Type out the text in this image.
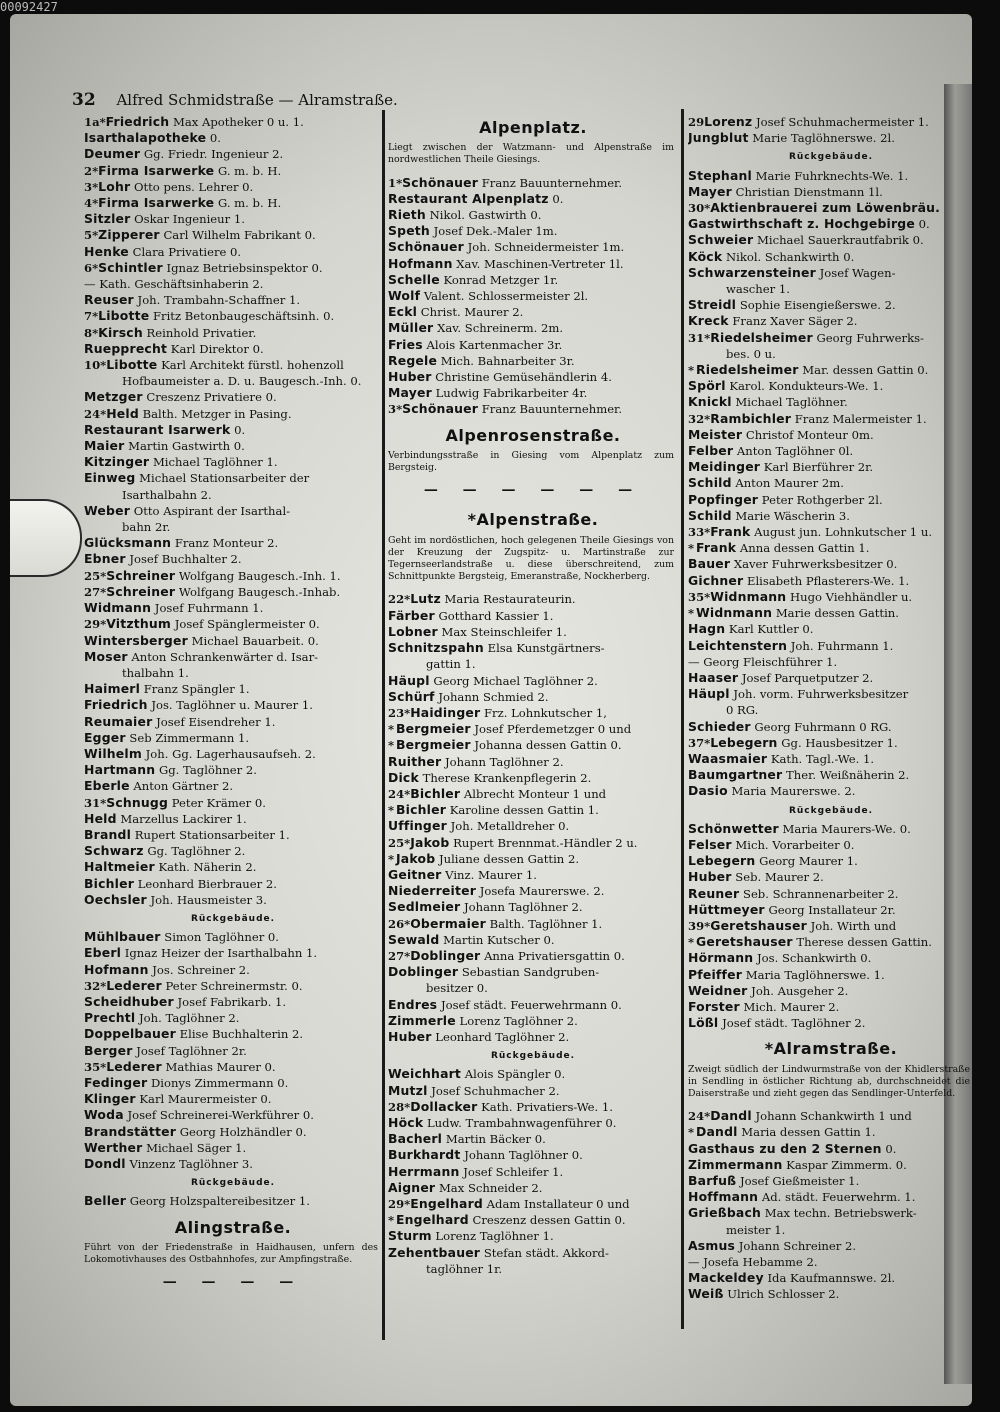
00092427
32 Alfred Schmidstraße — Alramstraße.
1a*Friedrich Max Apotheker 0 u. 1.
Isarthalapotheke 0.
Deumer Gg. Friedr. Ingenieur 2.
2*Firma Isarwerke G. m. b. H.
3*Lohr Otto pens. Lehrer 0.
4*Firma Isarwerke G. m. b. H.
Sitzler Oskar Ingenieur 1.
5*Zipperer Carl Wilhelm Fabrikant 0.
Henke Clara Privatiere 0.
6*Schintler Ignaz Betriebsinspektor 0.
— Kath. Geschäftsinhaberin 2.
Reuser Joh. Trambahn-Schaffner 1.
7*Libotte Fritz Betonbaugeschäftsinh. 0.
8*Kirsch Reinhold Privatier.
Ruepprecht Karl Direktor 0.
10*Libotte Karl Architekt fürstl. hohenzoll
Hofbaumeister a. D. u. Baugesch.-Inh. 0.
Metzger Creszenz Privatiere 0.
24*Held Balth. Metzger in Pasing.
Restaurant Isarwerk 0.
Maier Martin Gastwirth 0.
Kitzinger Michael Taglöhner 1.
Einweg Michael Stationsarbeiter der
Isarthalbahn 2.
Weber Otto Aspirant der Isarthal-
bahn 2r.
Glücksmann Franz Monteur 2.
Ebner Josef Buchhalter 2.
25*Schreiner Wolfgang Baugesch.-Inh. 1.
27*Schreiner Wolfgang Baugesch.-Inhab.
Widmann Josef Fuhrmann 1.
29*Vitzthum Josef Spänglermeister 0.
Wintersberger Michael Bauarbeit. 0.
Moser Anton Schrankenwärter d. Isar-
thalbahn 1.
Haimerl Franz Spängler 1.
Friedrich Jos. Taglöhner u. Maurer 1.
Reumaier Josef Eisendreher 1.
Egger Seb Zimmermann 1.
Wilhelm Joh. Gg. Lagerhausaufseh. 2.
Hartmann Gg. Taglöhner 2.
Eberle Anton Gärtner 2.
31*Schnugg Peter Krämer 0.
Held Marzellus Lackirer 1.
Brandl Rupert Stationsarbeiter 1.
Schwarz Gg. Taglöhner 2.
Haltmeier Kath. Näherin 2.
Bichler Leonhard Bierbrauer 2.
Oechsler Joh. Hausmeister 3.
Rückgebäude.
Mühlbauer Simon Taglöhner 0.
Eberl Ignaz Heizer der Isarthalbahn 1.
Hofmann Jos. Schreiner 2.
32*Lederer Peter Schreinermstr. 0.
Scheidhuber Josef Fabrikarb. 1.
Prechtl Joh. Taglöhner 2.
Doppelbauer Elise Buchhalterin 2.
Berger Josef Taglöhner 2r.
35*Lederer Mathias Maurer 0.
Fedinger Dionys Zimmermann 0.
Klinger Karl Maurermeister 0.
Woda Josef Schreinerei-Werkführer 0.
Brandstätter Georg Holzhändler 0.
Werther Michael Säger 1.
Dondl Vinzenz Taglöhner 3.
Rückgebäude.
Beller Georg Holzspaltereibesitzer 1.
Alingstraße.
Führt von der Friedenstraße in Haidhausen, unfern des Lokomotivhauses des Ostbahnhofes, zur Ampfingstraße.
— — — —
Alpenplatz.
Liegt zwischen der Watzmann- und Alpenstraße im nordwestlichen Theile Giesings.
1*Schönauer Franz Bauunternehmer.
Restaurant Alpenplatz 0.
Rieth Nikol. Gastwirth 0.
Speth Josef Dek.-Maler 1m.
Schönauer Joh. Schneidermeister 1m.
Hofmann Xav. Maschinen-Vertreter 1l.
Schelle Konrad Metzger 1r.
Wolf Valent. Schlossermeister 2l.
Eckl Christ. Maurer 2.
Müller Xav. Schreinerm. 2m.
Fries Alois Kartenmacher 3r.
Regele Mich. Bahnarbeiter 3r.
Huber Christine Gemüsehändlerin 4.
Mayer Ludwig Fabrikarbeiter 4r.
3*Schönauer Franz Bauunternehmer.
Alpenrosenstraße.
Verbindungsstraße in Giesing vom Alpenplatz zum Bergsteig.
— — — — — —
*Alpenstraße.
Geht im nordöstlichen, hoch gelegenen Theile Giesings von der Kreuzung der Zugspitz- u. Martinstraße zur Tegernseerlandstraße u. diese überschreitend, zum Schnittpunkte Bergsteig, Emeranstraße, Nockherberg.
22*Lutz Maria Restaurateurin.
Färber Gotthard Kassier 1.
Lobner Max Steinschleifer 1.
Schnitzspahn Elsa Kunstgärtners-
gattin 1.
Häupl Georg Michael Taglöhner 2.
Schürf Johann Schmied 2.
23*Haidinger Frz. Lohnkutscher 1,
* Bergmeier Josef Pferdemetzger 0 und
* Bergmeier Johanna dessen Gattin 0.
Ruither Johann Taglöhner 2.
Dick Therese Krankenpflegerin 2.
24*Bichler Albrecht Monteur 1 und
* Bichler Karoline dessen Gattin 1.
Uffinger Joh. Metalldreher 0.
25*Jakob Rupert Brennmat.-Händler 2 u.
* Jakob Juliane dessen Gattin 2.
Geitner Vinz. Maurer 1.
Niederreiter Josefa Maurerswe. 2.
Sedlmeier Johann Taglöhner 2.
26*Obermaier Balth. Taglöhner 1.
Sewald Martin Kutscher 0.
27*Doblinger Anna Privatiersgattin 0.
Doblinger Sebastian Sandgruben-
besitzer 0.
Endres Josef städt. Feuerwehrmann 0.
Zimmerle Lorenz Taglöhner 2.
Huber Leonhard Taglöhner 2.
Rückgebäude.
Weichhart Alois Spängler 0.
Mutzl Josef Schuhmacher 2.
28*Dollacker Kath. Privatiers-We. 1.
Höck Ludw. Trambahnwagenführer 0.
Bacherl Martin Bäcker 0.
Burkhardt Johann Taglöhner 0.
Herrmann Josef Schleifer 1.
Aigner Max Schneider 2.
29*Engelhard Adam Installateur 0 und
* Engelhard Creszenz dessen Gattin 0.
Sturm Lorenz Taglöhner 1.
Zehentbauer Stefan städt. Akkord-
taglöhner 1r.
29Lorenz Josef Schuhmachermeister 1.
Jungblut Marie Taglöhnerswe. 2l.
Rückgebäude.
Stephanl Marie Fuhrknechts-We. 1.
Mayer Christian Dienstmann 1l.
30*Aktienbrauerei zum Löwenbräu.
Gastwirthschaft z. Hochgebirge 0.
Schweier Michael Sauerkrautfabrik 0.
Köck Nikol. Schankwirth 0.
Schwarzensteiner Josef Wagen-
wascher 1.
Streidl Sophie Eisengießerswe. 2.
Kreck Franz Xaver Säger 2.
31*Riedelsheimer Georg Fuhrwerks-
bes. 0 u.
* Riedelsheimer Mar. dessen Gattin 0.
Spörl Karol. Kondukteurs-We. 1.
Knickl Michael Taglöhner.
32*Rambichler Franz Malermeister 1.
Meister Christof Monteur 0m.
Felber Anton Taglöhner 0l.
Meidinger Karl Bierführer 2r.
Schild Anton Maurer 2m.
Popfinger Peter Rothgerber 2l.
Schild Marie Wäscherin 3.
33*Frank August jun. Lohnkutscher 1 u.
* Frank Anna dessen Gattin 1.
Bauer Xaver Fuhrwerksbesitzer 0.
Gichner Elisabeth Pflasterers-We. 1.
35*Widnmann Hugo Viehhändler u.
* Widnmann Marie dessen Gattin.
Hagn Karl Kuttler 0.
Leichtenstern Joh. Fuhrmann 1.
— Georg Fleischführer 1.
Haaser Josef Parquetputzer 2.
Häupl Joh. vorm. Fuhrwerksbesitzer
0 RG.
Schieder Georg Fuhrmann 0 RG.
37*Lebegern Gg. Hausbesitzer 1.
Waasmaier Kath. Tagl.-We. 1.
Baumgartner Ther. Weißnäherin 2.
Dasio Maria Maurerswe. 2.
Rückgebäude.
Schönwetter Maria Maurers-We. 0.
Felser Mich. Vorarbeiter 0.
Lebegern Georg Maurer 1.
Huber Seb. Maurer 2.
Reuner Seb. Schrannenarbeiter 2.
Hüttmeyer Georg Installateur 2r.
39*Geretshauser Joh. Wirth und
* Geretshauser Therese dessen Gattin.
Hörmann Jos. Schankwirth 0.
Pfeiffer Maria Taglöhnerswe. 1.
Weidner Joh. Ausgeher 2.
Forster Mich. Maurer 2.
Lößl Josef städt. Taglöhner 2.
*Alramstraße.
Zweigt südlich der Lindwurmstraße von der Khidlerstraße in Sendling in östlicher Richtung ab, durchschneidet die Daiserstraße und zieht gegen das Sendlinger-Unterfeld.
24*Dandl Johann Schankwirth 1 und
* Dandl Maria dessen Gattin 1.
Gasthaus zu den 2 Sternen 0.
Zimmermann Kaspar Zimmerm. 0.
Barfuß Josef Gießmeister 1.
Hoffmann Ad. städt. Feuerwehrm. 1.
Grießbach Max techn. Betriebswerk-
meister 1.
Asmus Johann Schreiner 2.
— Josefa Hebamme 2.
Mackeldey Ida Kaufmannswe. 2l.
Weiß Ulrich Schlosser 2.
